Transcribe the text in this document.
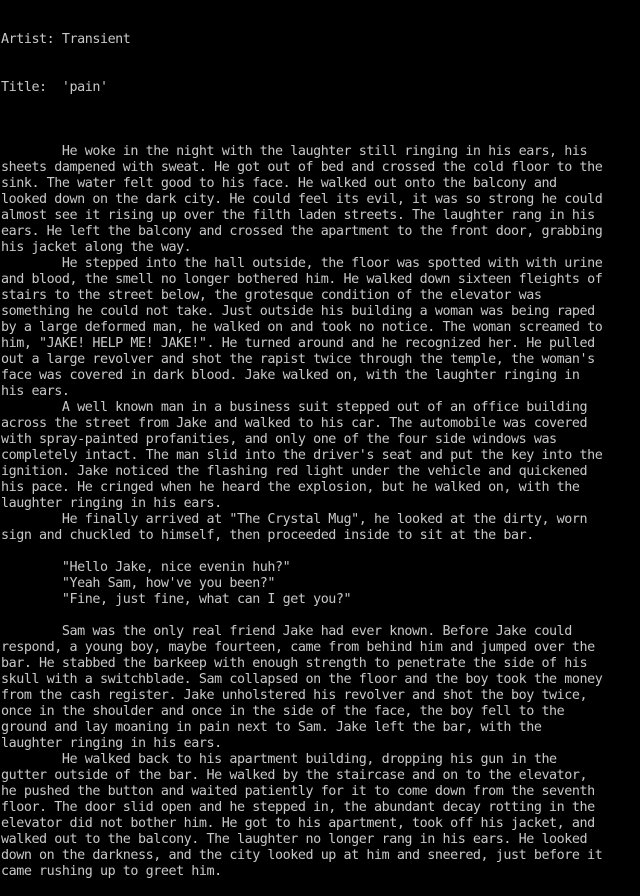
Artist: Transient

Title:  'pain'

He woke in the night with the laughter still ringing in his ears, his
sheets dampened with sweat. He got out of bed and crossed the cold floor to the
sink. The water felt good to his face. He walked out onto the balcony and
looked down on the dark city. He could feel its evil, it was so strong he could
almost see it rising up over the filth laden streets. The laughter rang in his
ears. He left the balcony and crossed the apartment to the front door, grabbing
his jacket along the way.
He stepped into the hall outside, the floor was spotted with with urine
and blood, the smell no longer bothered him. He walked down sixteen fleights of
stairs to the street below, the grotesque condition of the elevator was
something he could not take. Just outside his building a woman was being raped
by a large deformed man, he walked on and took no notice. The woman screamed to
him, "JAKE! HELP ME! JAKE!". He turned around and he recognized her. He pulled
out a large revolver and shot the rapist twice through the temple, the woman's
face was covered in dark blood. Jake walked on, with the laughter ringing in
his ears.
A well known man in a business suit stepped out of an office building
across the street from Jake and walked to his car. The automobile was covered
with spray-painted profanities, and only one of the four side windows was
completely intact. The man slid into the driver's seat and put the key into the
ignition. Jake noticed the flashing red light under the vehicle and quickened
his pace. He cringed when he heard the explosion, but he walked on, with the
laughter ringing in his ears.
He finally arrived at "The Crystal Mug", he looked at the dirty, worn
sign and chuckled to himself, then proceeded inside to sit at the bar.
"Hello Jake, nice evenin huh?"
"Yeah Sam, how've you been?"
"Fine, just fine, what can I get you?"
Sam was the only real friend Jake had ever known. Before Jake could
respond, a young boy, maybe fourteen, came from behind him and jumped over the
bar. He stabbed the barkeep with enough strength to penetrate the side of his
skull with a switchblade. Sam collapsed on the floor and the boy took the money
from the cash register. Jake unholstered his revolver and shot the boy twice,
once in the shoulder and once in the side of the face, the boy fell to the
ground and lay moaning in pain next to Sam. Jake left the bar, with the
laughter ringing in his ears.
He walked back to his apartment building, dropping his gun in the
gutter outside of the bar. He walked by the staircase and on to the elevator,
he pushed the button and waited patiently for it to come down from the seventh
floor. The door slid open and he stepped in, the abundant decay rotting in the
elevator did not bother him. He got to his apartment, took off his jacket, and
walked out to the balcony. The laughter no longer rang in his ears. He looked
down on the darkness, and the city looked up at him and sneered, just before it
came rushing up to greet him.
